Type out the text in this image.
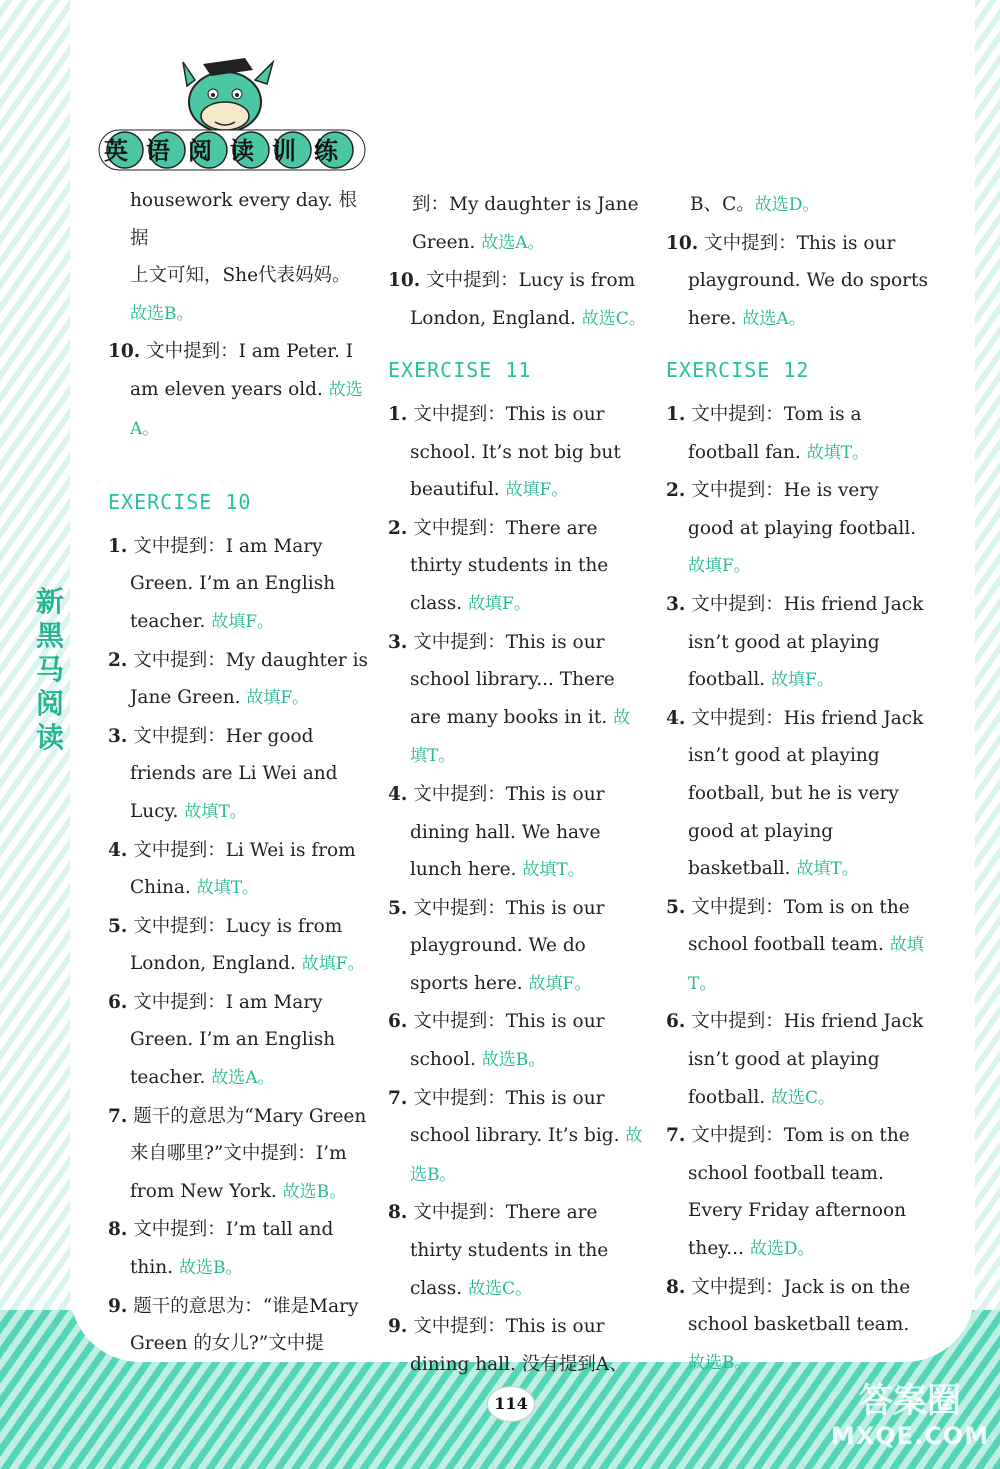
英语阅读训练
新黑马阅读

housework every day. 根据

上文可知，She代表妈妈。

故选B。

10. 文中提到：I am Peter. I am eleven years old. 故选A。

EXERCISE 10

1. 文中提到：I am Mary Green. I’m an English teacher. 故填F。

2. 文中提到：My daughter is Jane Green. 故填F。

3. 文中提到：Her good friends are Li Wei and Lucy. 故填T。

4. 文中提到：Li Wei is from China. 故填T。

5. 文中提到：Lucy is from London, England. 故填F。

6. 文中提到：I am Mary Green. I’m an English teacher. 故选A。

7. 题干的意思为“Mary Green来自哪里?”文中提到：I’m from New York. 故选B。

8. 文中提到：I’m tall and thin. 故选B。

9. 题干的意思为：“谁是Mary Green 的女儿?”文中提

到：My daughter is Jane Green. 故选A。

10. 文中提到：Lucy is from London, England. 故选C。

EXERCISE 11

1. 文中提到：This is our school. It’s not big but beautiful. 故填F。

2. 文中提到：There are thirty students in the class. 故填F。

3. 文中提到：This is our school library... There are many books in it. 故填T。

4. 文中提到：This is our dining hall. We have lunch here. 故填T。

5. 文中提到：This is our playground. We do sports here. 故填F。

6. 文中提到：This is our school. 故选B。

7. 文中提到：This is our school library. It’s big. 故选B。

8. 文中提到：There are thirty students in the class. 故选C。

9. 文中提到：This is our dining hall. 没有提到A、

B、C。故选D。

10. 文中提到：This is our playground. We do sports here. 故选A。

EXERCISE 12

1. 文中提到：Tom is a football fan. 故填T。

2. 文中提到：He is very good at playing football. 故填F。

3. 文中提到：His friend Jack isn’t good at playing football. 故填F。

4. 文中提到：His friend Jack isn’t good at playing football, but he is very good at playing basketball. 故填T。

5. 文中提到：Tom is on the school football team. 故填T。

6. 文中提到：His friend Jack isn’t good at playing football. 故选C。

7. 文中提到：Tom is on the school football team. Every Friday afternoon they... 故选D。

8. 文中提到：Jack is on the school basketball team. 故选B。

114	答案圈
MXQE.COM
